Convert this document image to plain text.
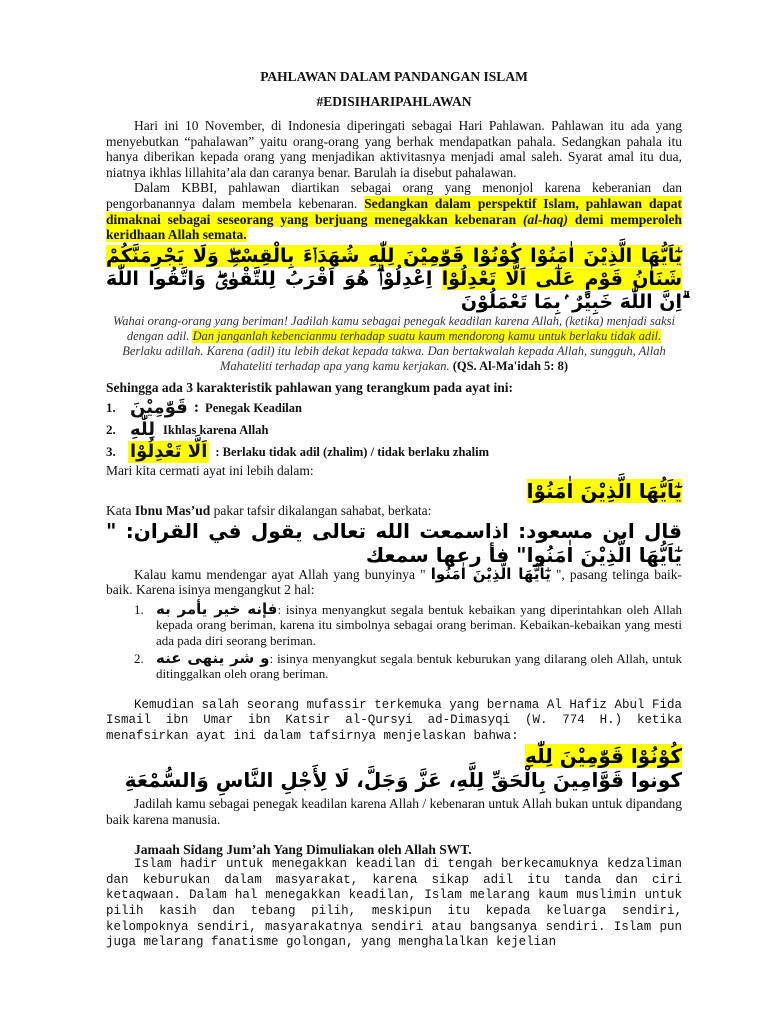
PAHLAWAN DALAM PANDANGAN ISLAM

#EDISIHARIPAHLAWAN

Hari ini 10 November, di Indonesia diperingati sebagai Hari Pahlawan. Pahlawan itu ada yang menyebutkan “pahalawan” yaitu orang-orang yang berhak mendapatkan pahala. Sedangkan pahala itu hanya diberikan kepada orang yang menjadikan aktivitasnya menjadi amal saleh. Syarat amal itu dua, niatnya ikhlas lillahita’ala dan caranya benar. Barulah ia disebut pahalawan.

Dalam KBBI, pahlawan diartikan sebagai orang yang menonjol karena keberanian dan pengorbanannya dalam membela kebenaran. Sedangkan dalam perspektif Islam, pahlawan dapat dimaknai sebagai seseorang yang berjuang menegakkan kebenaran (al-haq) demi memperoleh keridhaan Allah semata.

يٰٓاَيُّهَا الَّذِيْنَ اٰمَنُوْا كُوْنُوْا قَوّٰمِيْنَ لِلّٰهِ شُهَدَاۤءَ بِالْقِسْطِۖ وَلَا يَجْرِمَنَّكُمْ شَنَاٰنُ قَوْمٍ عَلٰٓى اَلَّا تَعْدِلُوْا اِعْدِلُوْاۗ هُوَ اَقْرَبُ لِلتَّقْوٰىۖ وَاتَّقُوا اللّٰهَ ۗاِنَّ اللّٰهَ خَبِيْرٌ ۢبِمَا تَعْمَلُوْنَ

Wahai orang-orang yang beriman! Jadilah kamu sebagai penegak keadilan karena Allah, (ketika) menjadi saksi dengan adil. Dan janganlah kebencianmu terhadap suatu kaum mendorong kamu untuk berlaku tidak adil. Berlaku adillah. Karena (adil) itu lebih dekat kepada takwa. Dan bertakwalah kepada Allah, sungguh, Allah Mahateliti terhadap apa yang kamu kerjakan. (QS. Al-Ma'idah 5: 8)

Sehingga ada 3 karakteristik pahlawan yang terangkum pada ayat ini:

1. قَوّٰمِيْنَ : Penegak Keadilan
2. لِلّٰهِ Ikhlas karena Allah
3. اَلَّا تَعْدِلُوْا : Berlaku tidak adil (zhalim) / tidak berlaku zhalim

Mari kita cermati ayat ini lebih dalam:

يٰٓاَيُّهَا الَّذِيْنَ اٰمَنُوْا

Kata Ibnu Mas’ud pakar tafsir dikalangan sahabat, berkata:

قال ابن مسعود: اذاسمعت الله تعالى يقول في القران: " يٰٓاَيُّهَا الَّذِيْنَ اٰمَنُوا" فأ رعها سمعك

Kalau kamu mendengar ayat Allah yang bunyinya " يٰٓاَيُّهَا الَّذِيْنَ اٰمَنُوا ", pasang telinga baik-baik. Karena isinya mengangkut 2 hal:

1. فإنه خير يأمر به: isinya menyangkut segala bentuk kebaikan yang diperintahkan oleh Allah kepada orang beriman, karena itu simbolnya sebagai orang beriman. Kebaikan-kebaikan yang mesti ada pada diri seorang beriman.
2. و شر ينهى عنه: isinya menyangkut segala bentuk keburukan yang dilarang oleh Allah, untuk ditinggalkan oleh orang beriman.

Kemudian salah seorang mufassir terkemuka yang bernama Al Hafiz Abul Fida Ismail ibn Umar ibn Katsir al-Qursyi ad-Dimasyqi (W. 774 H.) ketika menafsirkan ayat ini dalam tafsirnya menjelaskan bahwa:

كُوْنُوْا قَوّٰمِيْنَ لِلّٰهِ

كونوا قَوَّامِينَ بِالْحَقِّ لِلَّهِ، عَزَّ وَجَلَّ، لَا لِأَجْلِ النَّاسِ وَالسُّمْعَةِ

Jadilah kamu sebagai penegak keadilan karena Allah / kebenaran untuk Allah bukan untuk dipandang baik karena manusia.

Jamaah Sidang Jum’ah Yang Dimuliakan oleh Allah SWT.

Islam hadir untuk menegakkan keadilan di tengah berkecamuknya kedzaliman dan keburukan dalam masyarakat, karena sikap adil itu tanda dan ciri ketaqwaan. Dalam hal menegakkan keadilan, Islam melarang kaum muslimin untuk pilih kasih dan tebang pilih, meskipun itu kepada keluarga sendiri, kelompoknya sendiri, masyarakatnya sendiri atau bangsanya sendiri. Islam pun juga melarang fanatisme golongan, yang menghalalkan kejelian
